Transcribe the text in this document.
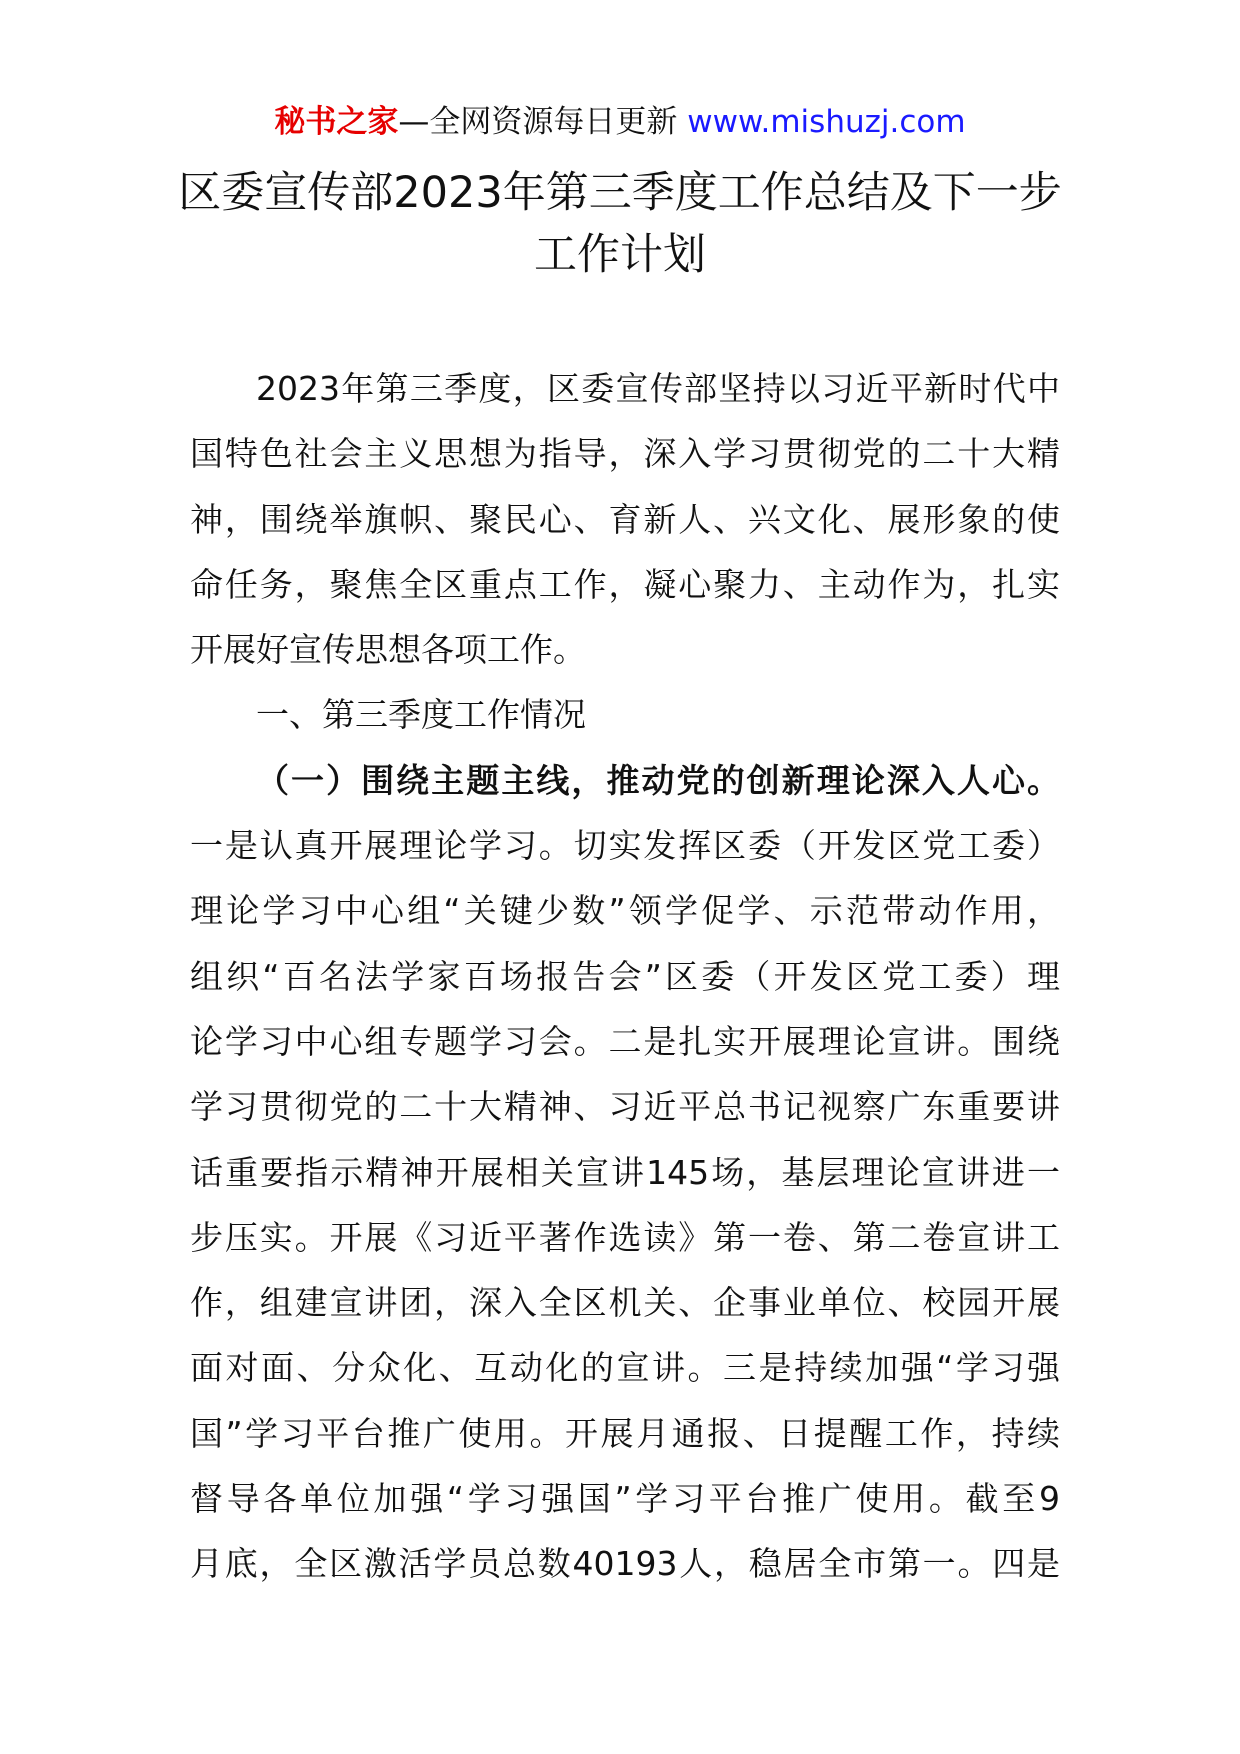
秘书之家—全网资源每日更新 www.mishuzj.com
区委宣传部2023年第三季度工作总结及下一步
工作计划
2023年第三季度，区委宣传部坚持以习近平新时代中
国特色社会主义思想为指导，深入学习贯彻党的二十大精
神，围绕举旗帜、聚民心、育新人、兴文化、展形象的使
命任务，聚焦全区重点工作，凝心聚力、主动作为，扎实
开展好宣传思想各项工作。
一、第三季度工作情况
（一）围绕主题主线，推动党的创新理论深入人心。
一是认真开展理论学习。切实发挥区委（开发区党工委）
理论学习中心组“关键少数”领学促学、示范带动作用，
组织“百名法学家百场报告会”区委（开发区党工委）理
论学习中心组专题学习会。二是扎实开展理论宣讲。围绕
学习贯彻党的二十大精神、习近平总书记视察广东重要讲
话重要指示精神开展相关宣讲145场，基层理论宣讲进一
步压实。开展《习近平著作选读》第一卷、第二卷宣讲工
作，组建宣讲团，深入全区机关、企事业单位、校园开展
面对面、分众化、互动化的宣讲。三是持续加强“学习强
国”学习平台推广使用。开展月通报、日提醒工作，持续
督导各单位加强“学习强国”学习平台推广使用。截至9
月底，全区激活学员总数40193人，稳居全市第一。四是
